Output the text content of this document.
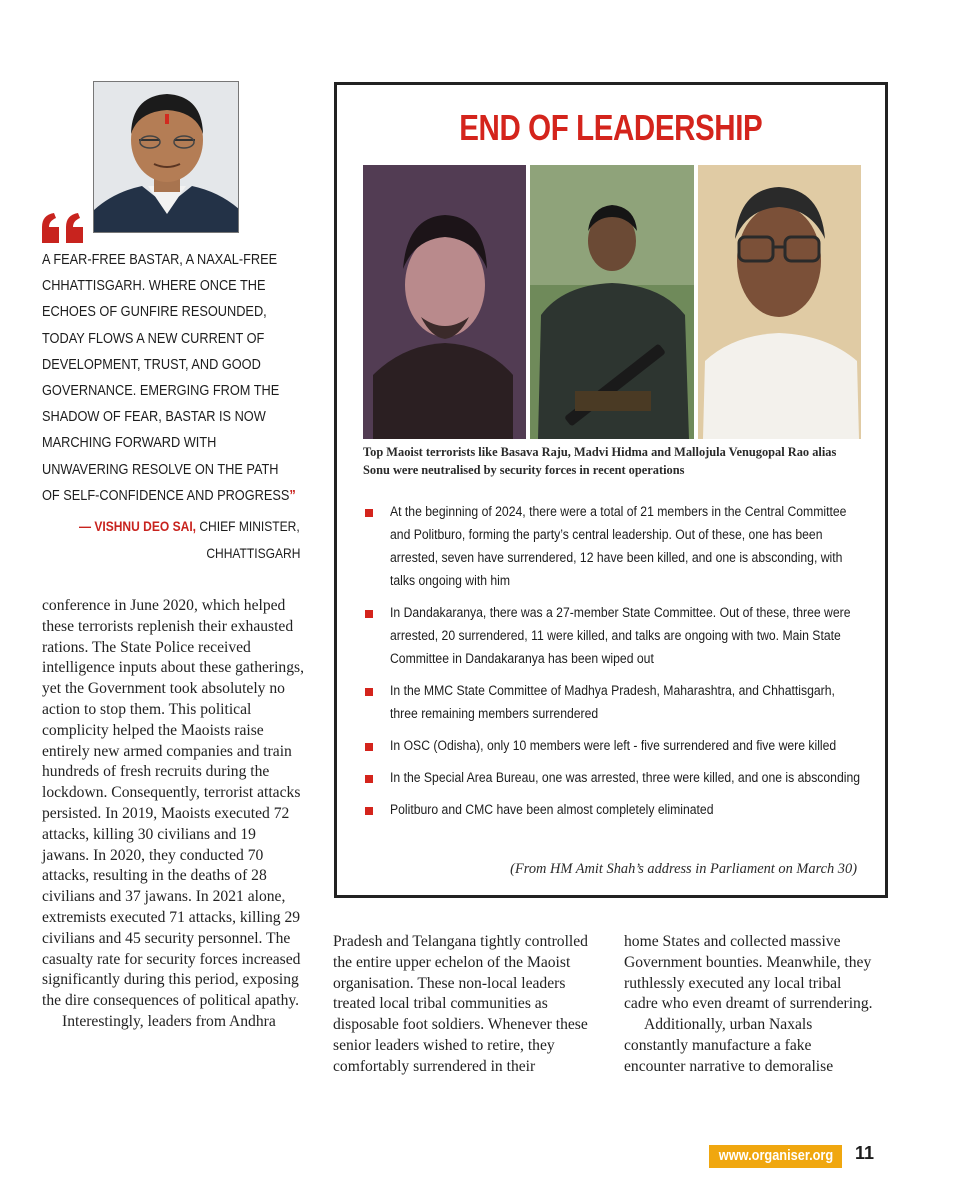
A FEAR-FREE BASTAR, A NAXAL-FREE
CHHATTISGARH. WHERE ONCE THE
ECHOES OF GUNFIRE RESOUNDED,
TODAY FLOWS A NEW CURRENT OF
DEVELOPMENT, TRUST, AND GOOD
GOVERNANCE. EMERGING FROM THE
SHADOW OF FEAR, BASTAR IS NOW
MARCHING FORWARD WITH
UNWAVERING RESOLVE ON THE PATH
OF SELF-CONFIDENCE AND PROGRESS”
— VISHNU DEO SAI, CHIEF MINISTER,
CHHATTISGARH

conference in June 2020, which helped these terrorists replenish their exhausted rations. The State Police received intelligence inputs about these gatherings, yet the Government took absolutely no action to stop them. This political complicity helped the Maoists raise entirely new armed companies and train hundreds of fresh recruits during the lockdown. Consequently, terrorist attacks persisted. In 2019, Maoists executed 72 attacks, killing 30 civilians and 19 jawans. In 2020, they conducted 70 attacks, resulting in the deaths of 28 civilians and 37 jawans. In 2021 alone, extremists executed 71 attacks, killing 29 civilians and 45 security personnel. The casualty rate for security forces increased significantly during this period, exposing the dire consequences of political apathy.

Interestingly, leaders from Andhra

Pradesh and Telangana tightly controlled the entire upper echelon of the Maoist organisation. These non-local leaders treated local tribal communities as disposable foot soldiers. Whenever these senior leaders wished to retire, they comfortably surrendered in their

home States and collected massive Government bounties. Meanwhile, they ruthlessly executed any local tribal cadre who even dreamt of surrendering.

Additionally, urban Naxals constantly manufacture a fake encounter narrative to demoralise

END OF LEADERSHIP
Top Maoist terrorists like Basava Raju, Madvi Hidma and Mallojula Venugopal Rao alias Sonu were neutralised by security forces in recent operations
At the beginning of 2024, there were a total of 21 members in the Central Committee and Politburo, forming the party’s central leadership. Out of these, one has been arrested, seven have surrendered, 12 have been killed, and one is absconding, with talks ongoing with him
In Dandakaranya, there was a 27-member State Committee. Out of these, three were arrested, 20 surrendered, 11 were killed, and talks are ongoing with two. Main State Committee in Dandakaranya has been wiped out
In the MMC State Committee of Madhya Pradesh, Maharashtra, and Chhattisgarh, three remaining members surrendered
In OSC (Odisha), only 10 members were left - five surrendered and five were killed
In the Special Area Bureau, one was arrested, three were killed, and one is absconding
Politburo and CMC have been almost completely eliminated
(From HM Amit Shah’s address in Parliament on March 30)
www.organiser.org	11
